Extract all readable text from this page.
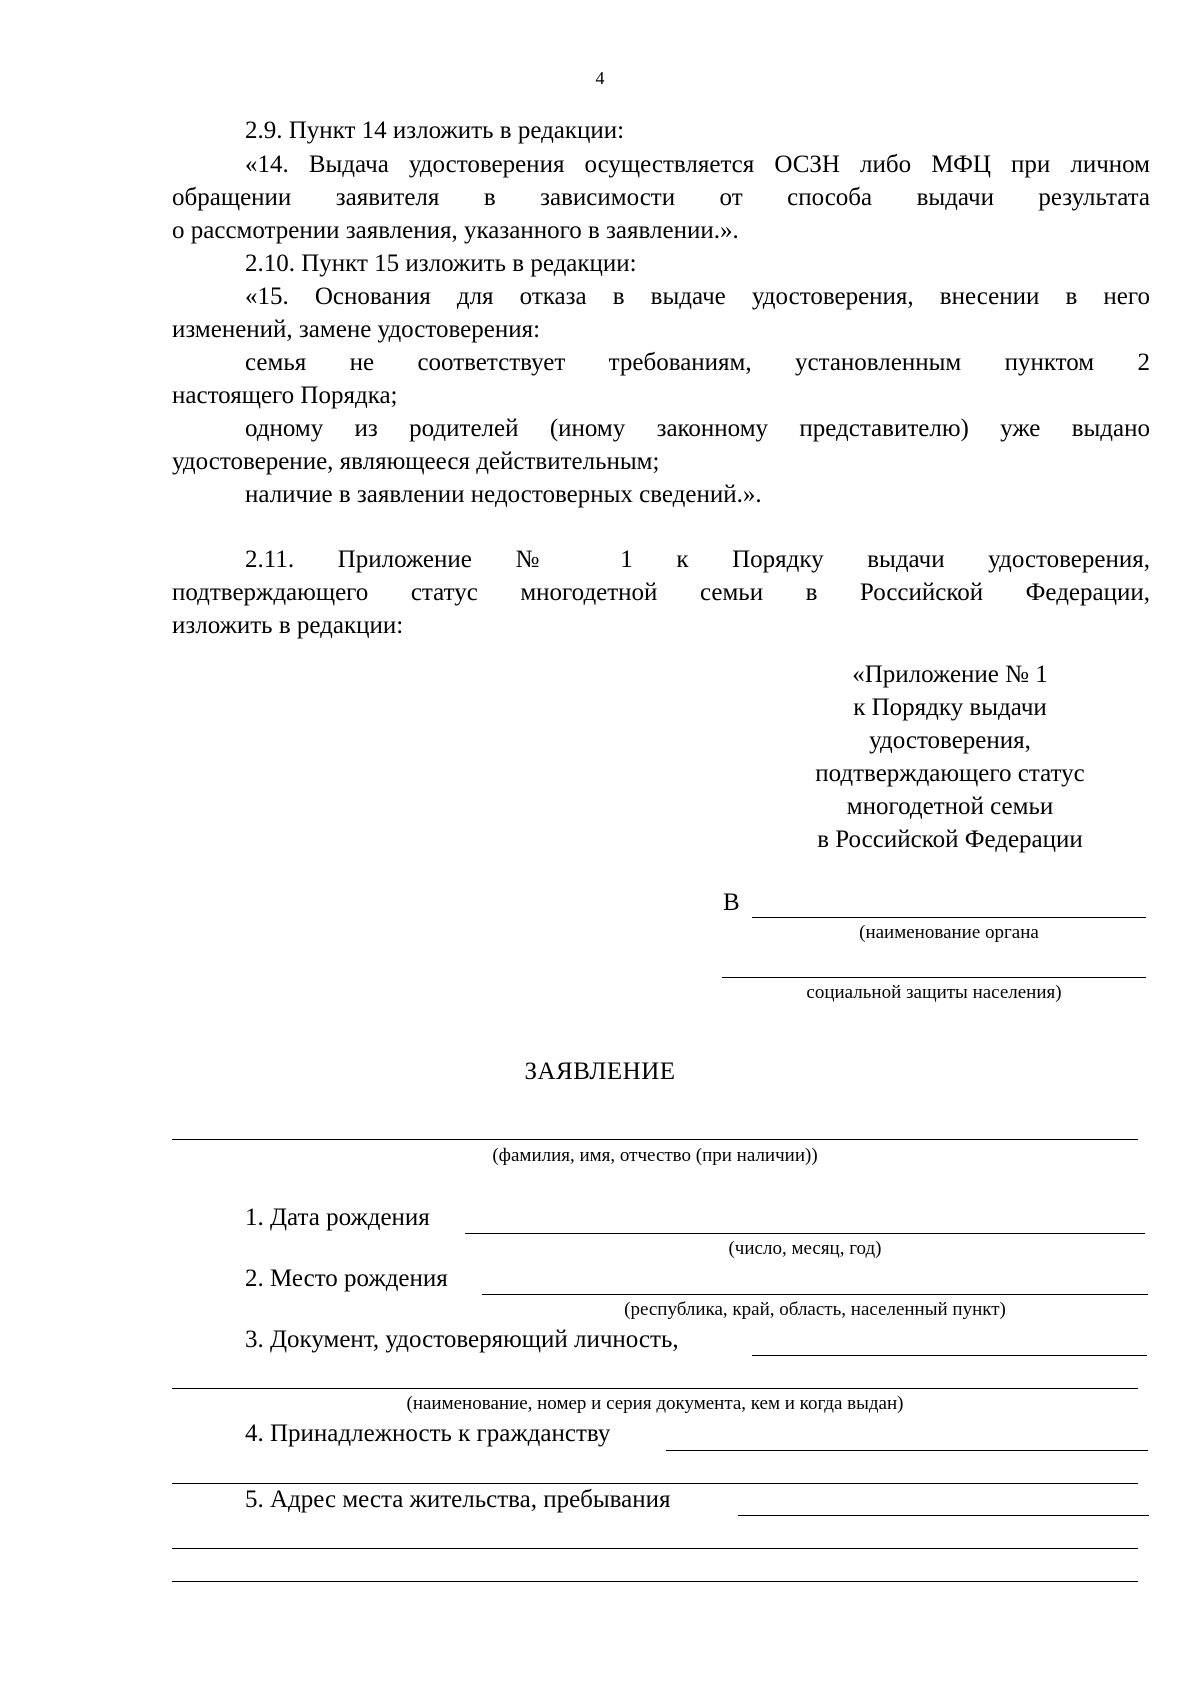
4
2.9. Пункт 14 изложить в редакции:
«14. Выдача удостоверения осуществляется ОСЗН либо МФЦ при личном
обращении заявителя в зависимости от способа выдачи результата
о рассмотрении заявления, указанного в заявлении.».
2.10. Пункт 15 изложить в редакции:
«15. Основания для отказа в выдаче удостоверения, внесении в него
изменений, замене удостоверения:
семья не соответствует требованиям, установленным пунктом 2
настоящего Порядка;
одному из родителей (иному законному представителю) уже выдано
удостоверение, являющееся действительным;
наличие в заявлении недостоверных сведений.».
2.11. Приложение № 1 к Порядку выдачи удостоверения,
подтверждающего статус многодетной семьи в Российской Федерации,
изложить в редакции:
«Приложение № 1
к Порядку выдачи
удостоверения,
подтверждающего статус
многодетной семьи
в Российской Федерации
В
(наименование органа
социальной защиты населения)
ЗАЯВЛЕНИЕ
(фамилия, имя, отчество (при наличии))
1. Дата рождения
(число, месяц, год)
2. Место рождения
(республика, край, область, населенный пункт)
3. Документ, удостоверяющий личность,
(наименование, номер и серия документа, кем и когда выдан)
4. Принадлежность к гражданству
5. Адрес места жительства, пребывания
